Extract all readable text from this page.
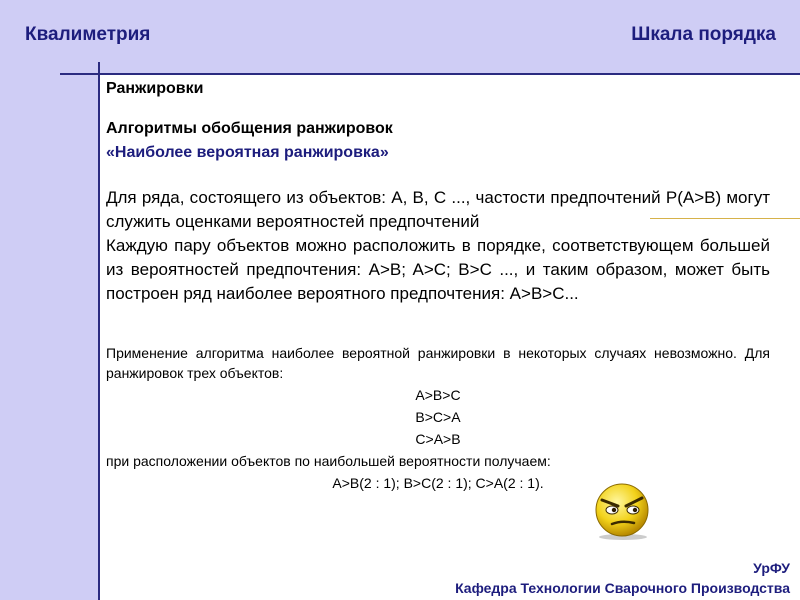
Квалиметрия	Шкала порядка
Ранжировки
Алгоритмы обобщения ранжировок
«Наиболее вероятная ранжировка»

Для ряда, состоящего из объектов: A, B, C ..., частости предпочтений P(A>B) могут служить оценками вероятностей предпочтений

Каждую пару объектов можно расположить в порядке, соответствующем большей из вероятностей предпочтения: A>B; A>C; B>C ..., и таким образом, может быть построен ряд наиболее вероятного предпочтения: A>B>C...

Применение алгоритма наиболее вероятной ранжировки в некоторых случаях невозможно. Для ранжировок трех объектов:

A>B>C
B>C>A
C>A>B
при расположении объектов по наибольшей вероятности получаем:
A>B(2 : 1); B>C(2 : 1); C>A(2 : 1).
УрФУ
Кафедра Технологии Сварочного Производства
